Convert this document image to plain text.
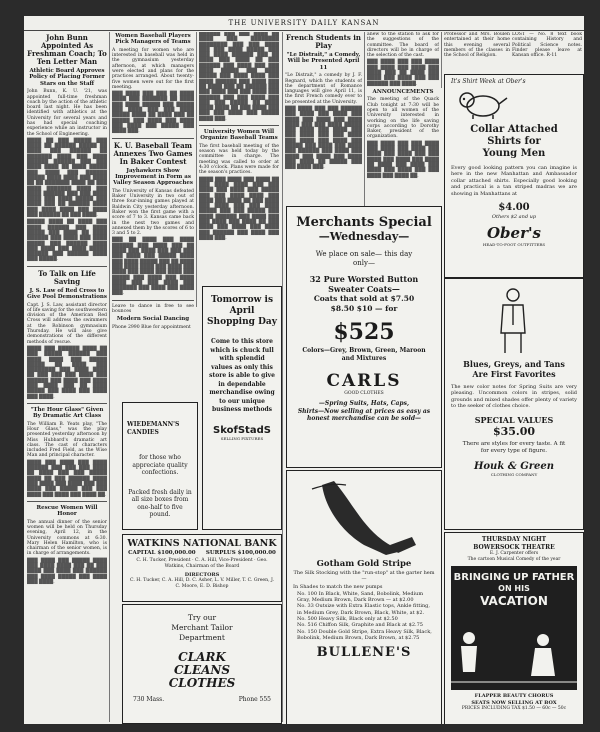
THE UNIVERSITY DAILY KANSAN
John Bunn Appointed As Freshman Coach; To Ten Letter Man
Athletic Board Approves Policy of Placing Former Stars on the Staff

John Bunn, K. U. '21, was appointed full-time freshman coach by the action of the athletic board last night. He has been identified with athletics at the University for several years and has had special coaching experience while an instructor in the School of Engineering.

████ ██ ███ █████ ███ ████ ██ ██████ █████ ██ ████ ███ ██████ ██ ███████ ████ ███ ████ ██████ ██████ ███ ███ ████ ████ ██ ████ █████ ███ ████ ███ ██████ █████ ████ ████ ███ ████ ██ ██ ███████ ████ ██ ███ ████ ███████ ████ ███ ████ ██████ ███ ███ ████ ████ ███ ████ █████ ███ ████ ███ ██ ██████ ████ ███ ████ ████ ███ ████ ███ ██████ ██ ███ ████.

█████ ████ ██ ████ ███ ████ ██████ ███ ████ █████ ███ ████ ██ ████ ██████ ███ ████ ███ ████ █████ ███ ██████ ████ ███ ████ ███ ████ █████ ██████ ███ ██████ ████ ███ █████.

To Talk on Life Saving
J. S. Law of Red Cross to Give Pool Demonstrations

Capt. J. S. Law, assistant director of life saving for the southwestern division of the American Red Cross will address the swimmers at the Robinson gymnasium Thursday. He will also give demonstrations of the different methods of rescue.

████ ███ ██████ ████ ██ ███ █████ ██████ ███ ████ ████ ███ █████ █████ ██ ████ ███ ████████ ███ ████ ████ ██ ███ ███ ███ ████ ███ ██████ ███ ████ ███ ████ ███ ████ ███ ██ ████ █████ ███ ████ ███ ████ ███ ████.

"The Hour Glass" Given By Dramatic Art Class

The William B. Yeats play, "The Hour Glass," was the play presented yesterday afternoon by Miss Hubbard's dramatic art class. The cast of characters included Fred Field, as the Wise Man and principal character.

████ ███ ████ ███ ████ ██████ ███ ███ ███ ████ ██ ████ ███ ███ █████ ████ ██ ███ ██████ ████ ███ ████ ███ ████ ███ ███ ████ ███ █████ ███ ███ ████ ███ ████ ███ ████ ██.

Rescue Women Will Honor

The annual dinner of the senior women will be held on Thursday evening, April 12, in the University commons at 6:30. Mary Helen Hamilton, who is chairman of the senior women, is in charge of arrangements.

███ ████ ███ █████ ████ ███ ████ ████ ███ ██ ███ ████ ███ ████ ███ ██████ ███ ████ █████ ███ ████ ███ ████.

Women Baseball Players Pick Managers of Teams

A meeting for women who are interested in baseball was held in the gymnasium yesterday afternoon, at which managers were elected and plans for the practices arranged. About twenty-five women were out for the first meeting.

███ ████ ███ ███ ██ ████ ████ ███ ███████ ██ ████ ███ ████ █████ ███ █████ ███ ████ ███ ███ ████ █████ ████ ██ ████ ███ ██ █████ ███ ████ ███ ████ ███ ████ ███ █████ ███ ████ ███.

K. U. Baseball Team Annexes Two Games In Baker Contest
Jayhawkers Show Improvement in Form as Valley Season Approaches

The University of Kansas defeated Baker University in two out of three four-inning games played at Baldwin City yesterday afternoon. Baker won the first game with a score of 7 to 3. Kansas came back in the next two games and annexed them by the scores of 6 to 3 and 5 to 2.

███ ██ ████ ███ ████ ██████ ███ ████ ███ ██ ████ ███ ████ ███ ███ ███ ███ ████ ███ █████ ████ ███ ████ █████ ███ ██ ████ ███ ████ ████ ███ ████ ███ ████ ███ ████ ███ ████ ███ █████ ███ ████ ███ ████ ████ ███ ███ ████ ███ ███████ ███ ████ ███ ████ ███.

Leave to dance in free to see bounces

Modern Social Dancing

Phone 2990 Blue for appointment

WIEDEMANN'S CANDIES
for those who appreciate quality confections.
Packed fresh daily in all size boxes from one-half to five pound.

██████ ███ ███ ████ ██ ████ ███ ████████ ████████ ███ ███ ████ ███ ███ ████ █████ ███ ███ ████ ██████ ███ ██ ████ ███ ████ ██ ███ ██████ ███ ████ ███ ███ ████ █████ ███ ████ █████ ███ ████ ████ ███ ████ ██████ ███ ████ ███ ██ ████ ███ ██ ██████ ███ ███ ████ ███ ███ ████ ███ ██████ ███ ███ ████ ███ ███ ███ █████ ██ ████ ████ ████ ██ ███ ████ ███ ███ ███ ████ ███ █████ ████ ███.

University Women Will Organize Baseball Teams

The first baseball meeting of the season was held today by the committee in charge. The meeting was called to order at 4:30 o'clock. Plans were made for the season's practices.

████ ███ ████ ███ ████ ██ ███ ████ ████ ███ ███ ████ ███ ████ ███ █████ ███ ███ ████ ████ ███ ████ ███ ████ ██ ███ ████ ███ ████ ███ ███ ████ █████ ███ ███ █████ ███ ████ ██████ ███ ████ ███ ███ ████ ███ ████ ██ ███ ████ ███ ████ ███ ████ ███ ██████ ███ ████ ███ ████ ███.

Tomorrow is April Shopping Day
Come to this store which is chuck full with splendid values as only this store is able to give in dependable merchandise owing to our unique business methods
SkofStadS
SELLING FIXTURES
French Students in Play
"Le Distrait," a Comedy, Will be Presented April 11

"Le Distrait," a comedy by J. F. Regnard, which the students of the department of Romance languages will give April 11, is the first French comedy ever to be presented at the University.

███ ████ ███ ███ ██████ ███ ████ ███ ████ ███ ████ ███ ████ ███ ████ ████ ███ ███ ████ █████ ███ ████ ███ ████ ███ ███ ████ ███ ███ ████ ███ ████ ███ ████ ███ █████ ███ ████ ███ ████ ███ ██████ ███ ████ ███ ████ ███ ████ ███ ████ ███ ████ ██ █████ ███ ███ ████ ███.

anew to the station to ask for the suggestions of the committee. The board of directors will be in charge of the selection of the cast.

███ ████ ███ ███ ████ ███ ████ ███ ████ ███ ████ ███ ██ ████ ███ ████ ███ ████ ███ ███ ██████ ███ ████.

ANNOUNCEMENTS

The meeting of the Quack Club tonight at 7:30 will be open to all women of the University interested in working on the life saving corps according to Dorothy Baker, president of the organization.

███ ████ ███ ███ ████ ███ ████ ███ ████ ███ ████ ███ ████ ███ ███ ████ ███ ████ ███ ████ ██ ████ ███ ████ ███ ████ ███ ████ ███ ███ ████ ███ ████ ██.

Professor and Mrs. Boulen entertained at their home this evening several members of the classes in the School of Religion.

LOST — No. 8 text book containing History and Political Science notes. Finder please leave at Kansan office. R-11

Merchants Special
—Wednesday—
We place on sale— this day only—
32 Pure Worsted Button Sweater Coats—
Coats that sold at $7.50
$8.50 $10 — for
$525
Colors—Grey, Brown, Green, Maroon and Mixtures
CARLS
GOOD CLOTHES
—Spring Suits, Hats, Caps,
Shirts—Now selling at prices as easy as honest merchandise can be sold—
It's Shirt Week at Ober's
Collar Attached
Shirts for
Young Men
Every good looking pattern you can imagine is here in the new Manhattan and Ambassador collar attached shirts. Especially good looking and practical is a tan striped madras we are showing in Manhattans at
$4.00
Others $2 and up
Ober's
HEAD-TO-FOOT OUTFITTERS
Blues, Greys, and Tans
Are First Favorites
The new color notes for Spring Suits are very pleasing. Uncommon colors in stripes, solid grounds and mixed shades offer plenty of variety to the seeker of clothes choice.
SPECIAL VALUES
$35.00
There are styles for every taste. A fit for every type of figure.
Houk & Green
CLOTHING COMPANY
Gotham Gold Stripe
The Silk Stocking with the "run-stop" at the garter hem—
In Shades to match the new pumps
No. 100 In Black, White, Sand, Bobolink, Medium Gray, Medium Brown, Dark Brown — at $2.00
No. 33 Outsize with Extra Elastic tops, Ankle fitting, in Medium Grey, Dark Brown, Black, White, at $2.
No. 500 Heavy Silk, Black only at $2.50
No. 516 Chiffon Silk, Graphite and Black at $2.75
No. 150 Double Gold Stripe, Extra Heavy Silk, Black, Bobolink, Medium Brown, Dark Brown, at $2.75
BULLENE'S
THURSDAY NIGHT
BOWERSOCK THEATRE
E. J. Carpenter offers
The cartoon Musical Comedy of the year
BRINGING UP FATHER
ON HIS
VACATION
FLAPPER BEAUTY CHORUS
SEATS NOW SELLING AT BOX
PRICES INCLUDING TAX $1.50 — 60c — 50c
WATKINS NATIONAL BANK
CAPITAL $100,000.00 SURPLUS $100,000.00
C. H. Tucker, President · C. A. Hill, Vice-President · Geo. Watkins, Chairman of the Board
DIRECTORS
C. H. Tucker, C. A. Hill, D. C. Asher, L. V. Miller, T. C. Green, J. C. Moore, E. D. Bishop
Try our
Merchant Tailor
Department
CLARK
CLEANS
CLOTHES
730 Mass.	Phone 555
